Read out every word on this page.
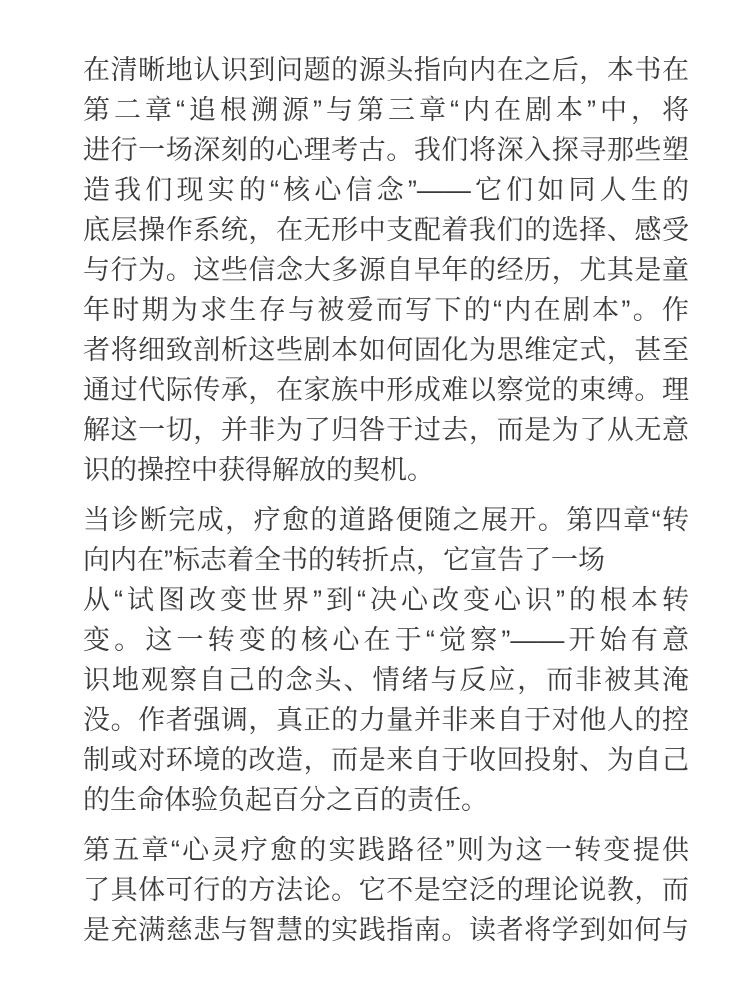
在清晰地认识到问题的源头指向内在之后，本书在
第二章“追根溯源”与第三章“内在剧本”中，将
进行一场深刻的心理考古。我们将深入探寻那些塑
造我们现实的“核心信念”——它们如同人生的
底层操作系统，在无形中支配着我们的选择、感受
与行为。这些信念大多源自早年的经历，尤其是童
年时期为求生存与被爱而写下的“内在剧本”。作
者将细致剖析这些剧本如何固化为思维定式，甚至
通过代际传承，在家族中形成难以察觉的束缚。理
解这一切，并非为了归咎于过去，而是为了从无意
识的操控中获得解放的契机。
当诊断完成，疗愈的道路便随之展开。第四章“转
向内在”标志着全书的转折点，它宣告了一场
从“试图改变世界”到“决心改变心识”的根本转
变。这一转变的核心在于“觉察”——开始有意
识地观察自己的念头、情绪与反应，而非被其淹
没。作者强调，真正的力量并非来自于对他人的控
制或对环境的改造，而是来自于收回投射、为自己
的生命体验负起百分之百的责任。
第五章“心灵疗愈的实践路径”则为这一转变提供
了具体可行的方法论。它不是空泛的理论说教，而
是充满慈悲与智慧的实践指南。读者将学到如何与
